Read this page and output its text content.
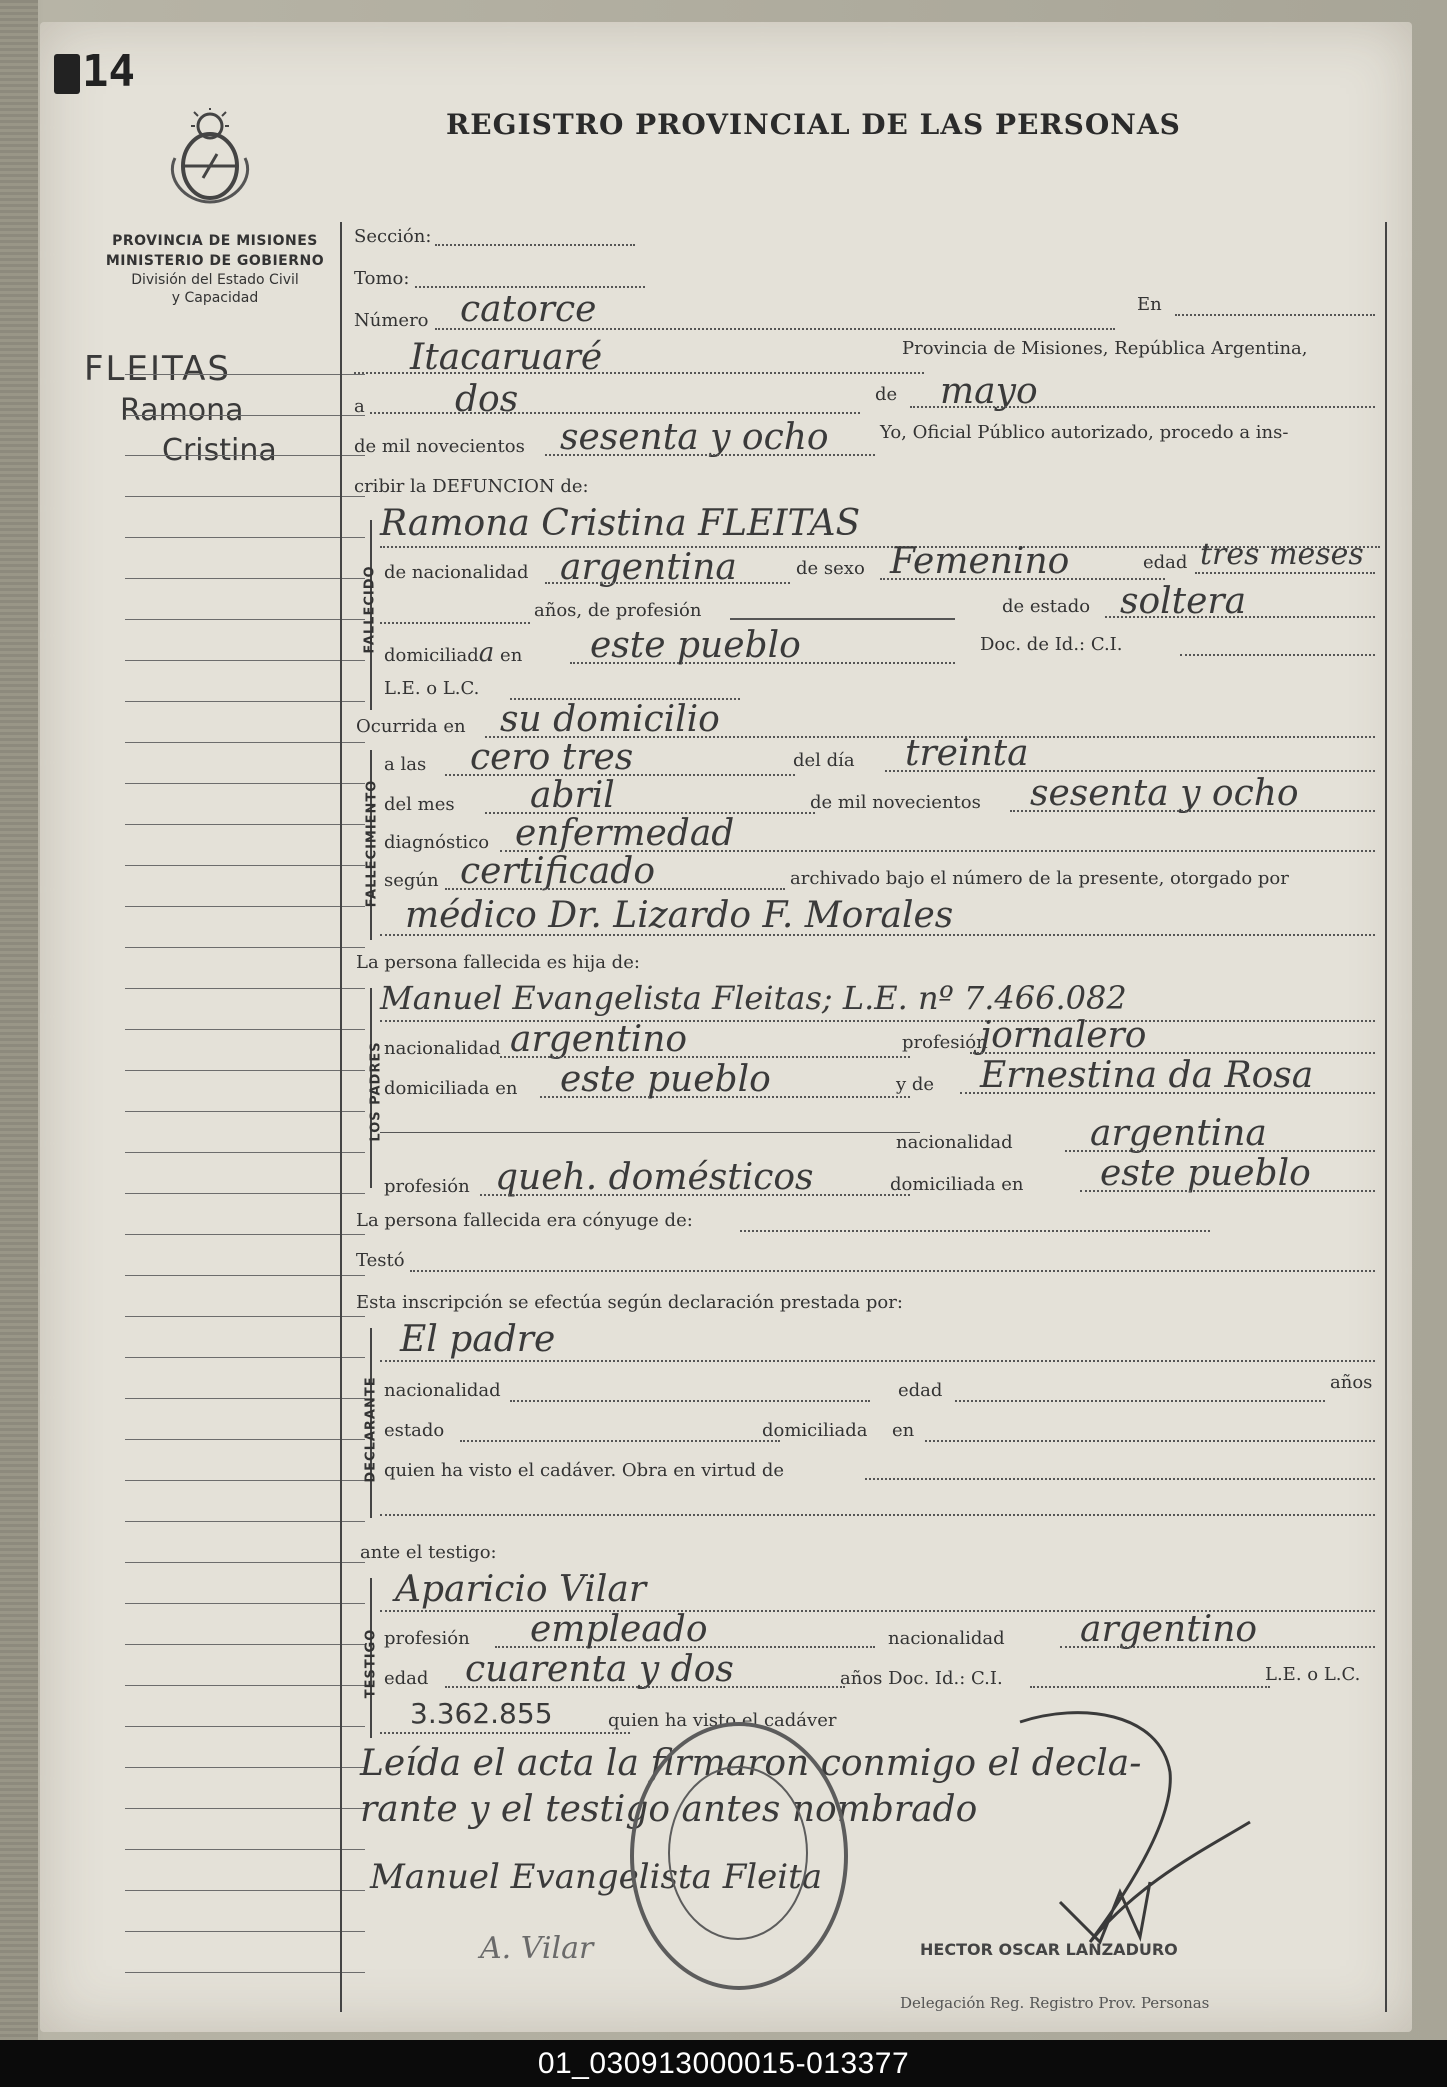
14
REGISTRO PROVINCIAL DE LAS PERSONAS
PROVINCIA DE MISIONES
MINISTERIO DE GOBIERNO
División del Estado Civil
y Capacidad
FLEITAS
Ramona
Cristina
Sección:
Tomo:
Número catorce	En
Itacaruaré	Provincia de Misiones, República Argentina,
a	dos	de mayo
de mil novecientos sesenta y ocho	Yo, Oficial Público autorizado, procedo a ins-
cribir la DEFUNCION de:
FALLECIDO
Ramona Cristina FLEITAS
de nacionalidad argentina	de sexo Femenino	edad tres meses
años, de profesión	de estado soltera
domiciliada en este pueblo	Doc. de Id.: C.I.
L.E. o L.C.
Ocurrida en su domicilio
FALLECIMIENTO
a las cero tres	del día treinta
del mes abril	de mil novecientos sesenta y ocho
diagnóstico enfermedad
según certificado	archivado bajo el número de la presente, otorgado por
médico Dr. Lizardo F. Morales
La persona fallecida es hija de:
LOS PADRES
Manuel Evangelista Fleitas; L.E. nº 7.466.082
nacionalidad argentino	profesión
jornalero
domiciliada en este pueblo	y de Ernestina da Rosa
nacionalidad argentina
profesión queh. domésticos	domiciliada en este pueblo
La persona fallecida era cónyuge de:
Testó
Esta inscripción se efectúa según declaración prestada por:
DECLARANTE
El padre
nacionalidad	edad	años
estado	domiciliada en
quien ha visto el cadáver. Obra en virtud de
ante el testigo:
TESTIGO
Aparicio Vilar
profesión empleado	nacionalidad argentino
edad cuarenta y dos	años Doc. Id.: C.I.	L.E. o L.C.
3.362.855	quien ha visto el cadáver
Leída el acta la firmaron conmigo el decla-
rante y el testigo antes nombrado
Manuel Evangelista Fleita
A. Vilar	HECTOR OSCAR LANZADURO
Delegación Reg. Registro Prov. Personas
01_030913000015-013377
